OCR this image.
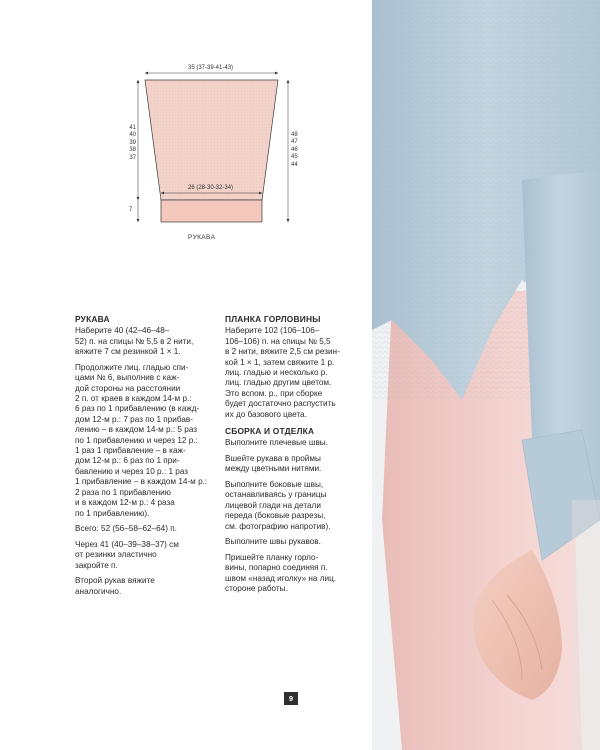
35 (37-39-41-43)
26 (28-30-32-34)
41
40
39
38
37
7
48
47
46
45
44
РУКАВА
РУКАВА
Наберите 40 (42–46–48–
52) п. на спицы № 5,5 в 2 нити,
вяжите 7 см резинкой 1 × 1.
Продолжите лиц. гладью спи-
цами № 6, выполнив с каж-
дой стороны на расстоянии
2 п. от краев в каждом 14-м р.:
6 раз по 1 прибавлению (в кажд-
дом 12-м р.: 7 раз по 1 прибав-
лению – в каждом 14-м р.: 5 раз
по 1 прибавлению и через 12 р.:
1 раз 1 прибавление – в каж-
дом 12-м р.: 6 раз по 1 при-
бавлению и через 10 р.: 1 раз
1 прибавление – в каждом 14-м р.:
2 раза по 1 прибавлению
и в каждом 12-м р.: 4 раза
по 1 прибавлению).
Всего: 52 (56–58–62–64) п.
Через 41 (40–39–38–37) см
от резинки эластично
закройте п.
Второй рукав вяжите
аналогично.
ПЛАНКА ГОРЛОВИНЫ
Наберите 102 (106–106–
106–106) п. на спицы № 5,5
в 2 нити, вяжите 2,5 см резин-
кой 1 × 1, затем свяжите 1 р.
лиц. гладью и несколько р.
лиц. гладью другим цветом.
Это вспом. р., при сборке
будет достаточно распустить
их до базового цвета.
СБОРКА И ОТДЕЛКА
Выполните плечевые швы.
Вшейте рукава в проймы
между цветными нитями.
Выполните боковые швы,
останавливаясь у границы
лицевой глади на детали
переда (боковые разрезы,
см. фотографию напротив).
Выполните швы рукавов.
Пришейте планку горло-
вины, попарно соединяя п.
швом «назад иголку» на лиц.
стороне работы.
9
